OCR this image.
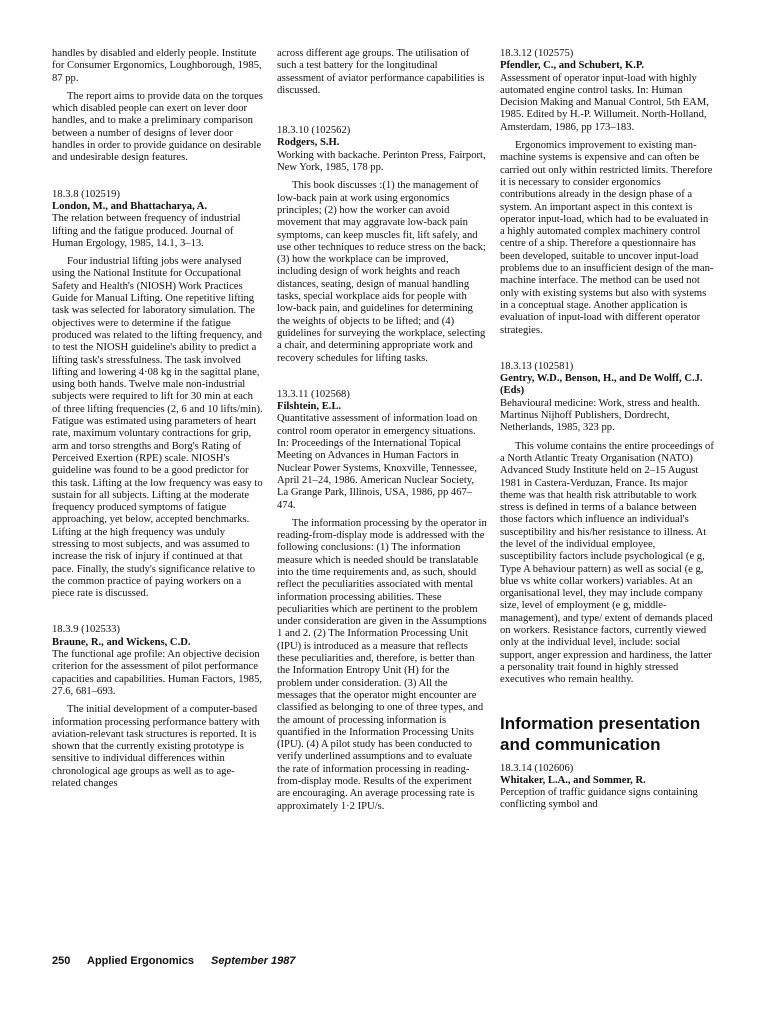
handles by disabled and elderly people. Institute for Consumer Ergonomics, Loughborough, 1985, 87 pp.

The report aims to provide data on the torques which disabled people can exert on lever door handles, and to make a preliminary comparison between a number of designs of lever door handles in order to provide guidance on desirable and undesirable design features.

18.3.8 (102519)

London, M., and Bhattacharya, A.

The relation between frequency of industrial lifting and the fatigue produced. Journal of Human Ergology, 1985, 14.1, 3–13.

Four industrial lifting jobs were analysed using the National Institute for Occupational Safety and Health's (NIOSH) Work Practices Guide for Manual Lifting. One repetitive lifting task was selected for laboratory simulation. The objectives were to determine if the fatigue produced was related to the lifting frequency, and to test the NIOSH guideline's ability to predict a lifting task's stressfulness. The task involved lifting and lowering 4·08 kg in the sagittal plane, using both hands. Twelve male non-industrial subjects were required to lift for 30 min at each of three lifting frequencies (2, 6 and 10 lifts/min). Fatigue was estimated using parameters of heart rate, maximum voluntary contractions for grip, arm and torso strengths and Borg's Rating of Perceived Exertion (RPE) scale. NIOSH's guideline was found to be a good predictor for this task. Lifting at the low frequency was easy to sustain for all subjects. Lifting at the moderate frequency produced symptoms of fatigue approaching, yet below, accepted benchmarks. Lifting at the high frequency was unduly stressing to most subjects, and was assumed to increase the risk of injury if continued at that pace. Finally, the study's significance relative to the common practice of paying workers on a piece rate is discussed.

18.3.9 (102533)

Braune, R., and Wickens, C.D.

The functional age profile: An objective decision criterion for the assessment of pilot performance capacities and capabilities. Human Factors, 1985, 27.6, 681–693.

The initial development of a computer-based information processing performance battery with aviation-relevant task structures is reported. It is shown that the currently existing prototype is sensitive to individual differences within chronological age groups as well as to age-related changes

across different age groups. The utilisation of such a test battery for the longitudinal assessment of aviator performance capabilities is discussed.

18.3.10 (102562)

Rodgers, S.H.

Working with backache. Perinton Press, Fairport, New York, 1985, 178 pp.

This book discusses :(1) the management of low-back pain at work using ergonomics principles; (2) how the worker can avoid movement that may aggravate low-back pain symptoms, can keep muscles fit, lift safely, and use other techniques to reduce stress on the back; (3) how the workplace can be improved, including design of work heights and reach distances, seating, design of manual handling tasks, special workplace aids for people with low-back pain, and guidelines for determining the weights of objects to be lifted; and (4) guidelines for surveying the workplace, selecting a chair, and determining appropriate work and recovery schedules for lifting tasks.

13.3.11 (102568)

Filshtein, E.L.

Quantitative assessment of information load on control room operator in emergency situations. In: Proceedings of the International Topical Meeting on Advances in Human Factors in Nuclear Power Systems, Knoxville, Tennessee, April 21–24, 1986. American Nuclear Society, La Grange Park, Illinois, USA, 1986, pp 467–474.

The information processing by the operator in reading-from-display mode is addressed with the following conclusions: (1) The information measure which is needed should be translatable into the time requirements and, as such, should reflect the peculiarities associated with mental information processing abilities. These peculiarities which are pertinent to the problem under consideration are given in the Assumptions 1 and 2. (2) The Information Processing Unit (IPU) is introduced as a measure that reflects these peculiarities and, therefore, is better than the Information Entropy Unit (H) for the problem under consideration. (3) All the messages that the operator might encounter are classified as belonging to one of three types, and the amount of processing information is quantified in the Information Processing Units (IPU). (4) A pilot study has been conducted to verify underlined assumptions and to evaluate the rate of information processing in reading-from-display mode. Results of the experiment are encouraging. An average processing rate is approximately 1·2 IPU/s.

18.3.12 (102575)

Pfendler, C., and Schubert, K.P.

Assessment of operator input-load with highly automated engine control tasks. In: Human Decision Making and Manual Control, 5th EAM, 1985. Edited by H.-P. Willumeit. North-Holland, Amsterdam, 1986, pp 173–183.

Ergonomics improvement to existing man-machine systems is expensive and can often be carried out only within restricted limits. Therefore it is necessary to consider ergonomics contributions already in the design phase of a system. An important aspect in this context is operator input-load, which had to be evaluated in a highly automated complex machinery control centre of a ship. Therefore a questionnaire has been developed, suitable to uncover input-load problems due to an insufficient design of the man-machine interface. The method can be used not only with existing systems but also with systems in a conceptual stage. Another application is evaluation of input-load with different operator strategies.

18.3.13 (102581)

Gentry, W.D., Benson, H., and De Wolff, C.J. (Eds)

Behavioural medicine: Work, stress and health. Martinus Nijhoff Publishers, Dordrecht, Netherlands, 1985, 323 pp.

This volume contains the entire proceedings of a North Atlantic Treaty Organisation (NATO) Advanced Study Institute held on 2–15 August 1981 in Castera-Verduzan, France. Its major theme was that health risk attributable to work stress is defined in terms of a balance between those factors which influence an individual's susceptibility and his/her resistance to illness. At the level of the individual employee, susceptibility factors include psychological (e g, Type A behaviour pattern) as well as social (e g, blue vs white collar workers) variables. At an organisational level, they may include company size, level of employment (e g, middle-management), and type/ extent of demands placed on workers. Resistance factors, currently viewed only at the individual level, include: social support, anger expression and hardiness, the latter a personality trait found in highly stressed executives who remain healthy.

Information presentation and communication

18.3.14 (102606)

Whitaker, L.A., and Sommer, R.

Perception of traffic guidance signs containing conflicting symbol and

250 Applied Ergonomics September 1987
